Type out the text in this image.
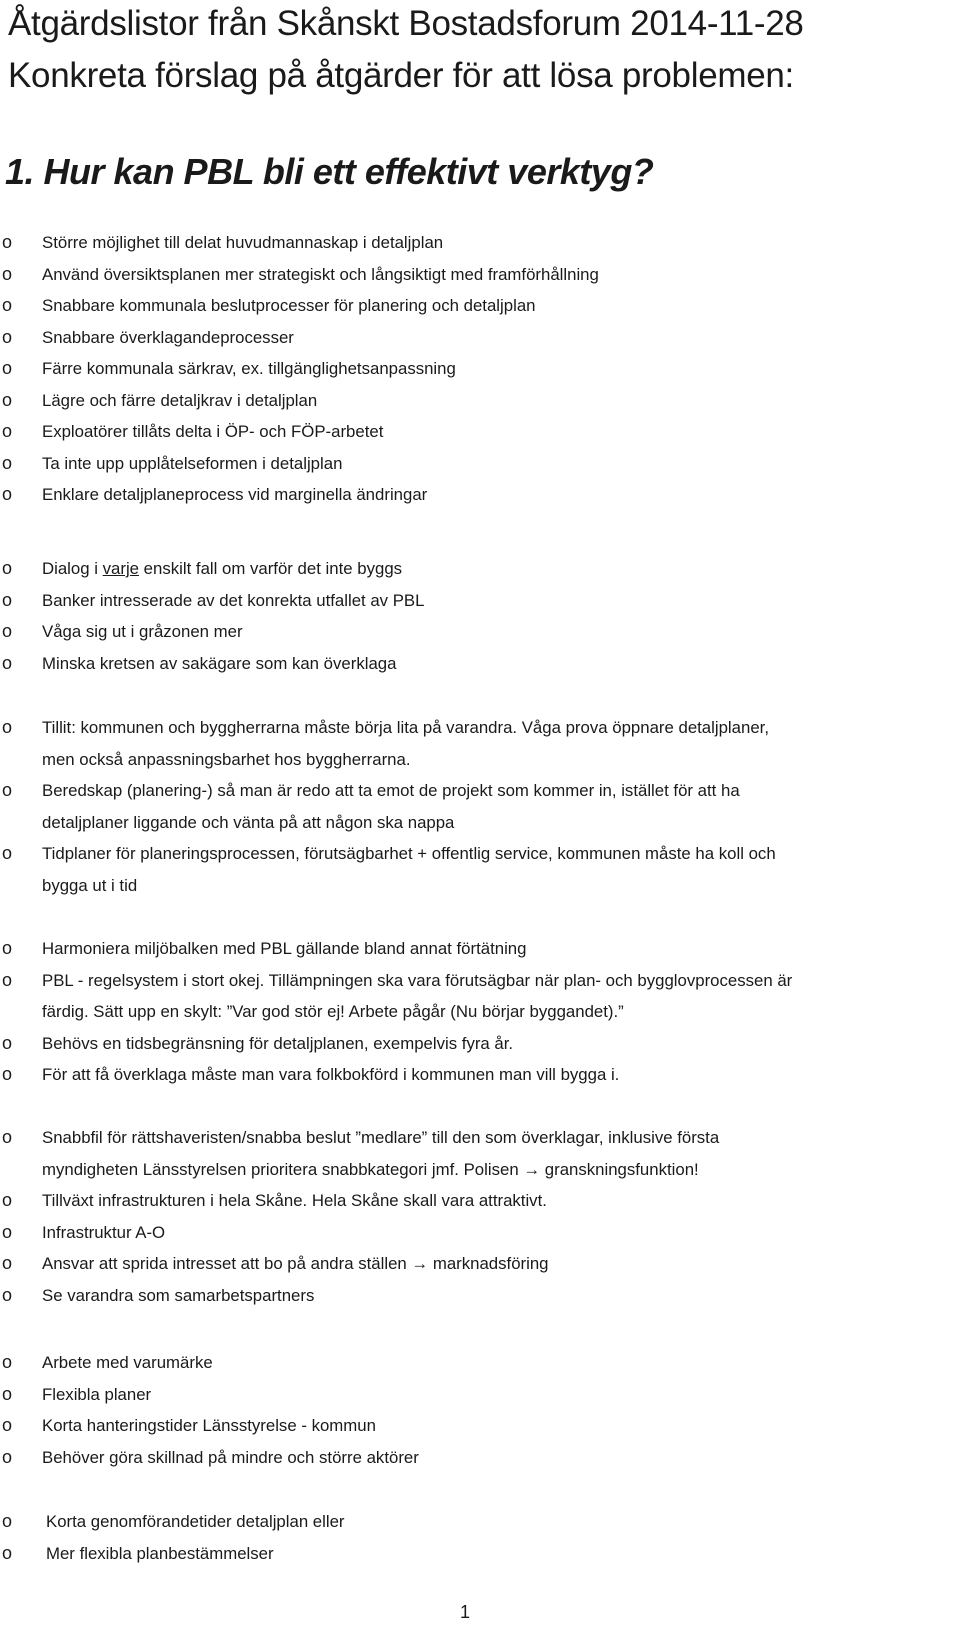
Åtgärdslistor från Skånskt Bostadsforum 2014-11-28
Konkreta förslag på åtgärder för att lösa problemen:
1. Hur kan PBL bli ett effektivt verktyg?
o Större möjlighet till delat huvudmannaskap i detaljplan
o Använd översiktsplanen mer strategiskt och långsiktigt med framförhållning
o Snabbare kommunala beslutprocesser för planering och detaljplan
o Snabbare överklagandeprocesser
o Färre kommunala särkrav, ex. tillgänglighetsanpassning
o Lägre och färre detaljkrav i detaljplan
o Exploatörer tillåts delta i ÖP- och FÖP-arbetet
o Ta inte upp upplåtelseformen i detaljplan
o Enklare detaljplaneprocess vid marginella ändringar
o Dialog i varje enskilt fall om varför det inte byggs
o Banker intresserade av det konrekta utfallet av PBL
o Våga sig ut i gråzonen mer
o Minska kretsen av sakägare som kan överklaga
o Tillit: kommunen och byggherrarna måste börja lita på varandra. Våga prova öppnare detaljplaner,
men också anpassningsbarhet hos byggherrarna.
o Beredskap (planering-) så man är redo att ta emot de projekt som kommer in, istället för att ha
detaljplaner liggande och vänta på att någon ska nappa
o Tidplaner för planeringsprocessen, förutsägbarhet + offentlig service, kommunen måste ha koll och
bygga ut i tid
o Harmoniera miljöbalken med PBL gällande bland annat förtätning
o PBL - regelsystem i stort okej. Tillämpningen ska vara förutsägbar när plan- och bygglovprocessen är
färdig. Sätt upp en skylt: ”Var god stör ej! Arbete pågår (Nu börjar byggandet).”
o Behövs en tidsbegränsning för detaljplanen, exempelvis fyra år.
o För att få överklaga måste man vara folkbokförd i kommunen man vill bygga i.
o Snabbfil för rättshaveristen/snabba beslut ”medlare” till den som överklagar, inklusive första
myndigheten Länsstyrelsen prioritera snabbkategori jmf. Polisen → granskningsfunktion!
o Tillväxt infrastrukturen i hela Skåne. Hela Skåne skall vara attraktivt.
o Infrastruktur A-O
o Ansvar att sprida intresset att bo på andra ställen → marknadsföring
o Se varandra som samarbetspartners
o Arbete med varumärke
o Flexibla planer
o Korta hanteringstider Länsstyrelse - kommun
o Behöver göra skillnad på mindre och större aktörer
o Korta genomförandetider detaljplan eller
o Mer flexibla planbestämmelser
1
